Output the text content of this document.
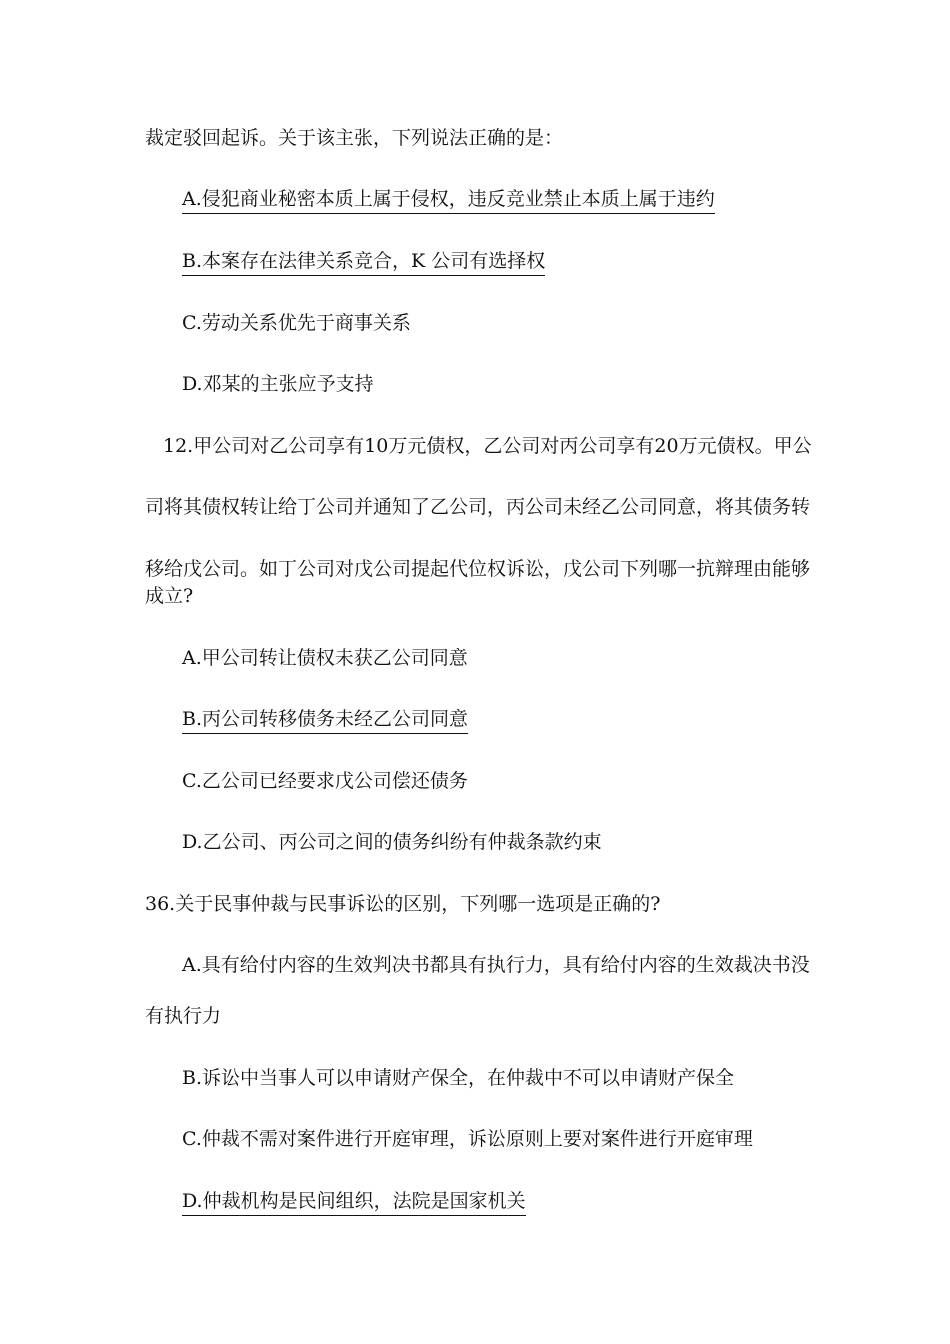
裁定驳回起诉。关于该主张，下列说法正确的是：
A.侵犯商业秘密本质上属于侵权，违反竞业禁止本质上属于违约
B.本案存在法律关系竞合，K 公司有选择权
C.劳动关系优先于商事关系
D.邓某的主张应予支持
12.甲公司对乙公司享有10万元债权，乙公司对丙公司享有20万元债权。甲公
司将其债权转让给丁公司并通知了乙公司，丙公司未经乙公司同意，将其债务转
移给戊公司。如丁公司对戊公司提起代位权诉讼，戊公司下列哪一抗辩理由能够
成立?
A.甲公司转让债权未获乙公司同意
B.丙公司转移债务未经乙公司同意
C.乙公司已经要求戊公司偿还债务
D.乙公司、丙公司之间的债务纠纷有仲裁条款约束
36.关于民事仲裁与民事诉讼的区别，下列哪一选项是正确的?
A.具有给付内容的生效判决书都具有执行力，具有给付内容的生效裁决书没
有执行力
B.诉讼中当事人可以申请财产保全，在仲裁中不可以申请财产保全
C.仲裁不需对案件进行开庭审理，诉讼原则上要对案件进行开庭审理
D.仲裁机构是民间组织，法院是国家机关
